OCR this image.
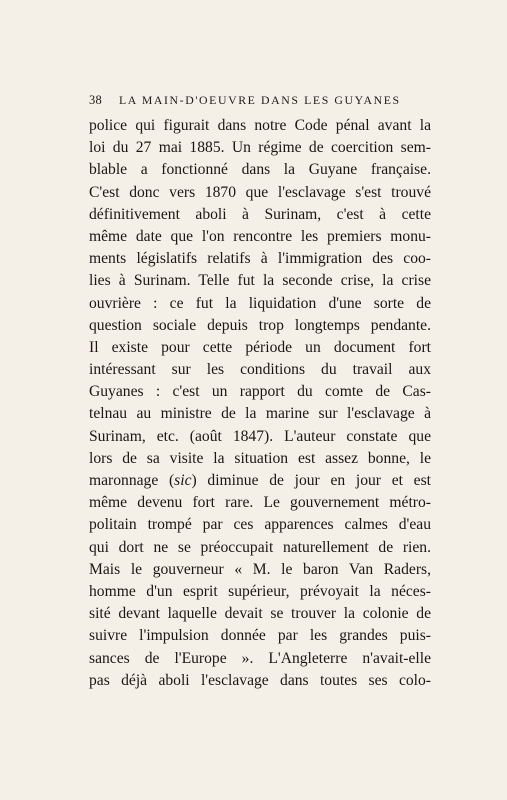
38 LA MAIN-D'OEUVRE DANS LES GUYANES
police qui figurait dans notre Code pénal avant la
loi du 27 mai 1885. Un régime de coercition sem-
blable a fonctionné dans la Guyane française.
C'est donc vers 1870 que l'esclavage s'est trouvé
définitivement aboli à Surinam, c'est à cette
même date que l'on rencontre les premiers monu-
ments législatifs relatifs à l'immigration des coo-
lies à Surinam. Telle fut la seconde crise, la crise
ouvrière : ce fut la liquidation d'une sorte de
question sociale depuis trop longtemps pendante.
Il existe pour cette période un document fort
intéressant sur les conditions du travail aux
Guyanes : c'est un rapport du comte de Cas-
telnau au ministre de la marine sur l'esclavage à
Surinam, etc. (août 1847). L'auteur constate que
lors de sa visite la situation est assez bonne, le
maronnage (sic) diminue de jour en jour et est
même devenu fort rare. Le gouvernement métro-
politain trompé par ces apparences calmes d'eau
qui dort ne se préoccupait naturellement de rien.
Mais le gouverneur « M. le baron Van Raders,
homme d'un esprit supérieur, prévoyait la néces-
sité devant laquelle devait se trouver la colonie de
suivre l'impulsion donnée par les grandes puis-
sances de l'Europe ». L'Angleterre n'avait-elle
pas déjà aboli l'esclavage dans toutes ses colo-
